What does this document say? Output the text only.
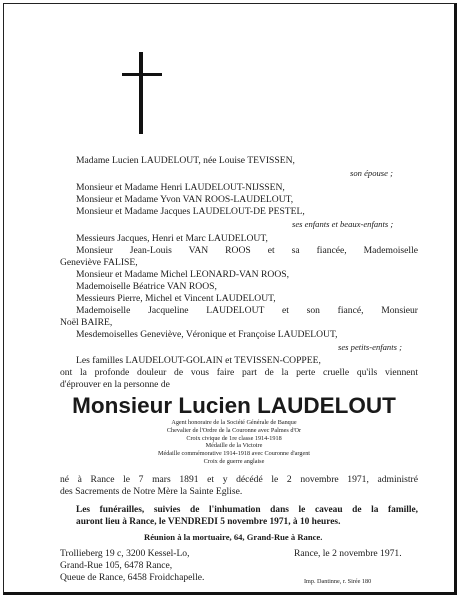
Madame Lucien LAUDELOUT, née Louise TEVISSEN,
son épouse ;
Monsieur et Madame Henri LAUDELOUT-NIJSSEN,
Monsieur et Madame Yvon VAN ROOS-LAUDELOUT,
Monsieur et Madame Jacques LAUDELOUT-DE PESTEL,
ses enfants et beaux-enfants ;
Messieurs Jacques, Henri et Marc LAUDELOUT,
Monsieur Jean-Louis VAN ROOS et sa fiancée, Mademoiselle
Geneviève FALISE,
Monsieur et Madame Michel LEONARD-VAN ROOS,
Mademoiselle Béatrice VAN ROOS,
Messieurs Pierre, Michel et Vincent LAUDELOUT,
Mademoiselle Jacqueline LAUDELOUT et son fiancé, Monsieur
Noël BAIRE,
Mesdemoiselles Geneviève, Véronique et Françoise LAUDELOUT,
ses petits-enfants ;
Les familles LAUDELOUT-GOLAIN et TEVISSEN-COPPEE,
ont la profonde douleur de vous faire part de la perte cruelle qu'ils viennent
d'éprouver en la personne de
Monsieur Lucien LAUDELOUT
Agent honoraire de la Société Générale de Banque
Chevalier de l'Ordre de la Couronne avec Palmes d'Or
Croix civique de 1re classe 1914-1918
Médaille de la Victoire
Médaille commémorative 1914-1918 avec Couronne d'argent
Croix de guerre anglaise
né à Rance le 7 mars 1891 et y décédé le 2 novembre 1971, administré
des Sacrements de Notre Mère la Sainte Eglise.
Les funérailles, suivies de l'inhumation dans le caveau de la famille,
auront lieu à Rance, le VENDREDI 5 novembre 1971, à 10 heures.
Réunion à la mortuaire, 64, Grand-Rue à Rance.
Trollieberg 19 c, 3200 Kessel-Lo,
Grand-Rue 105, 6478 Rance,
Queue de Rance, 6458 Froidchapelle.
Rance, le 2 novembre 1971.
Imp. Dantinne, r. Sirée 180
